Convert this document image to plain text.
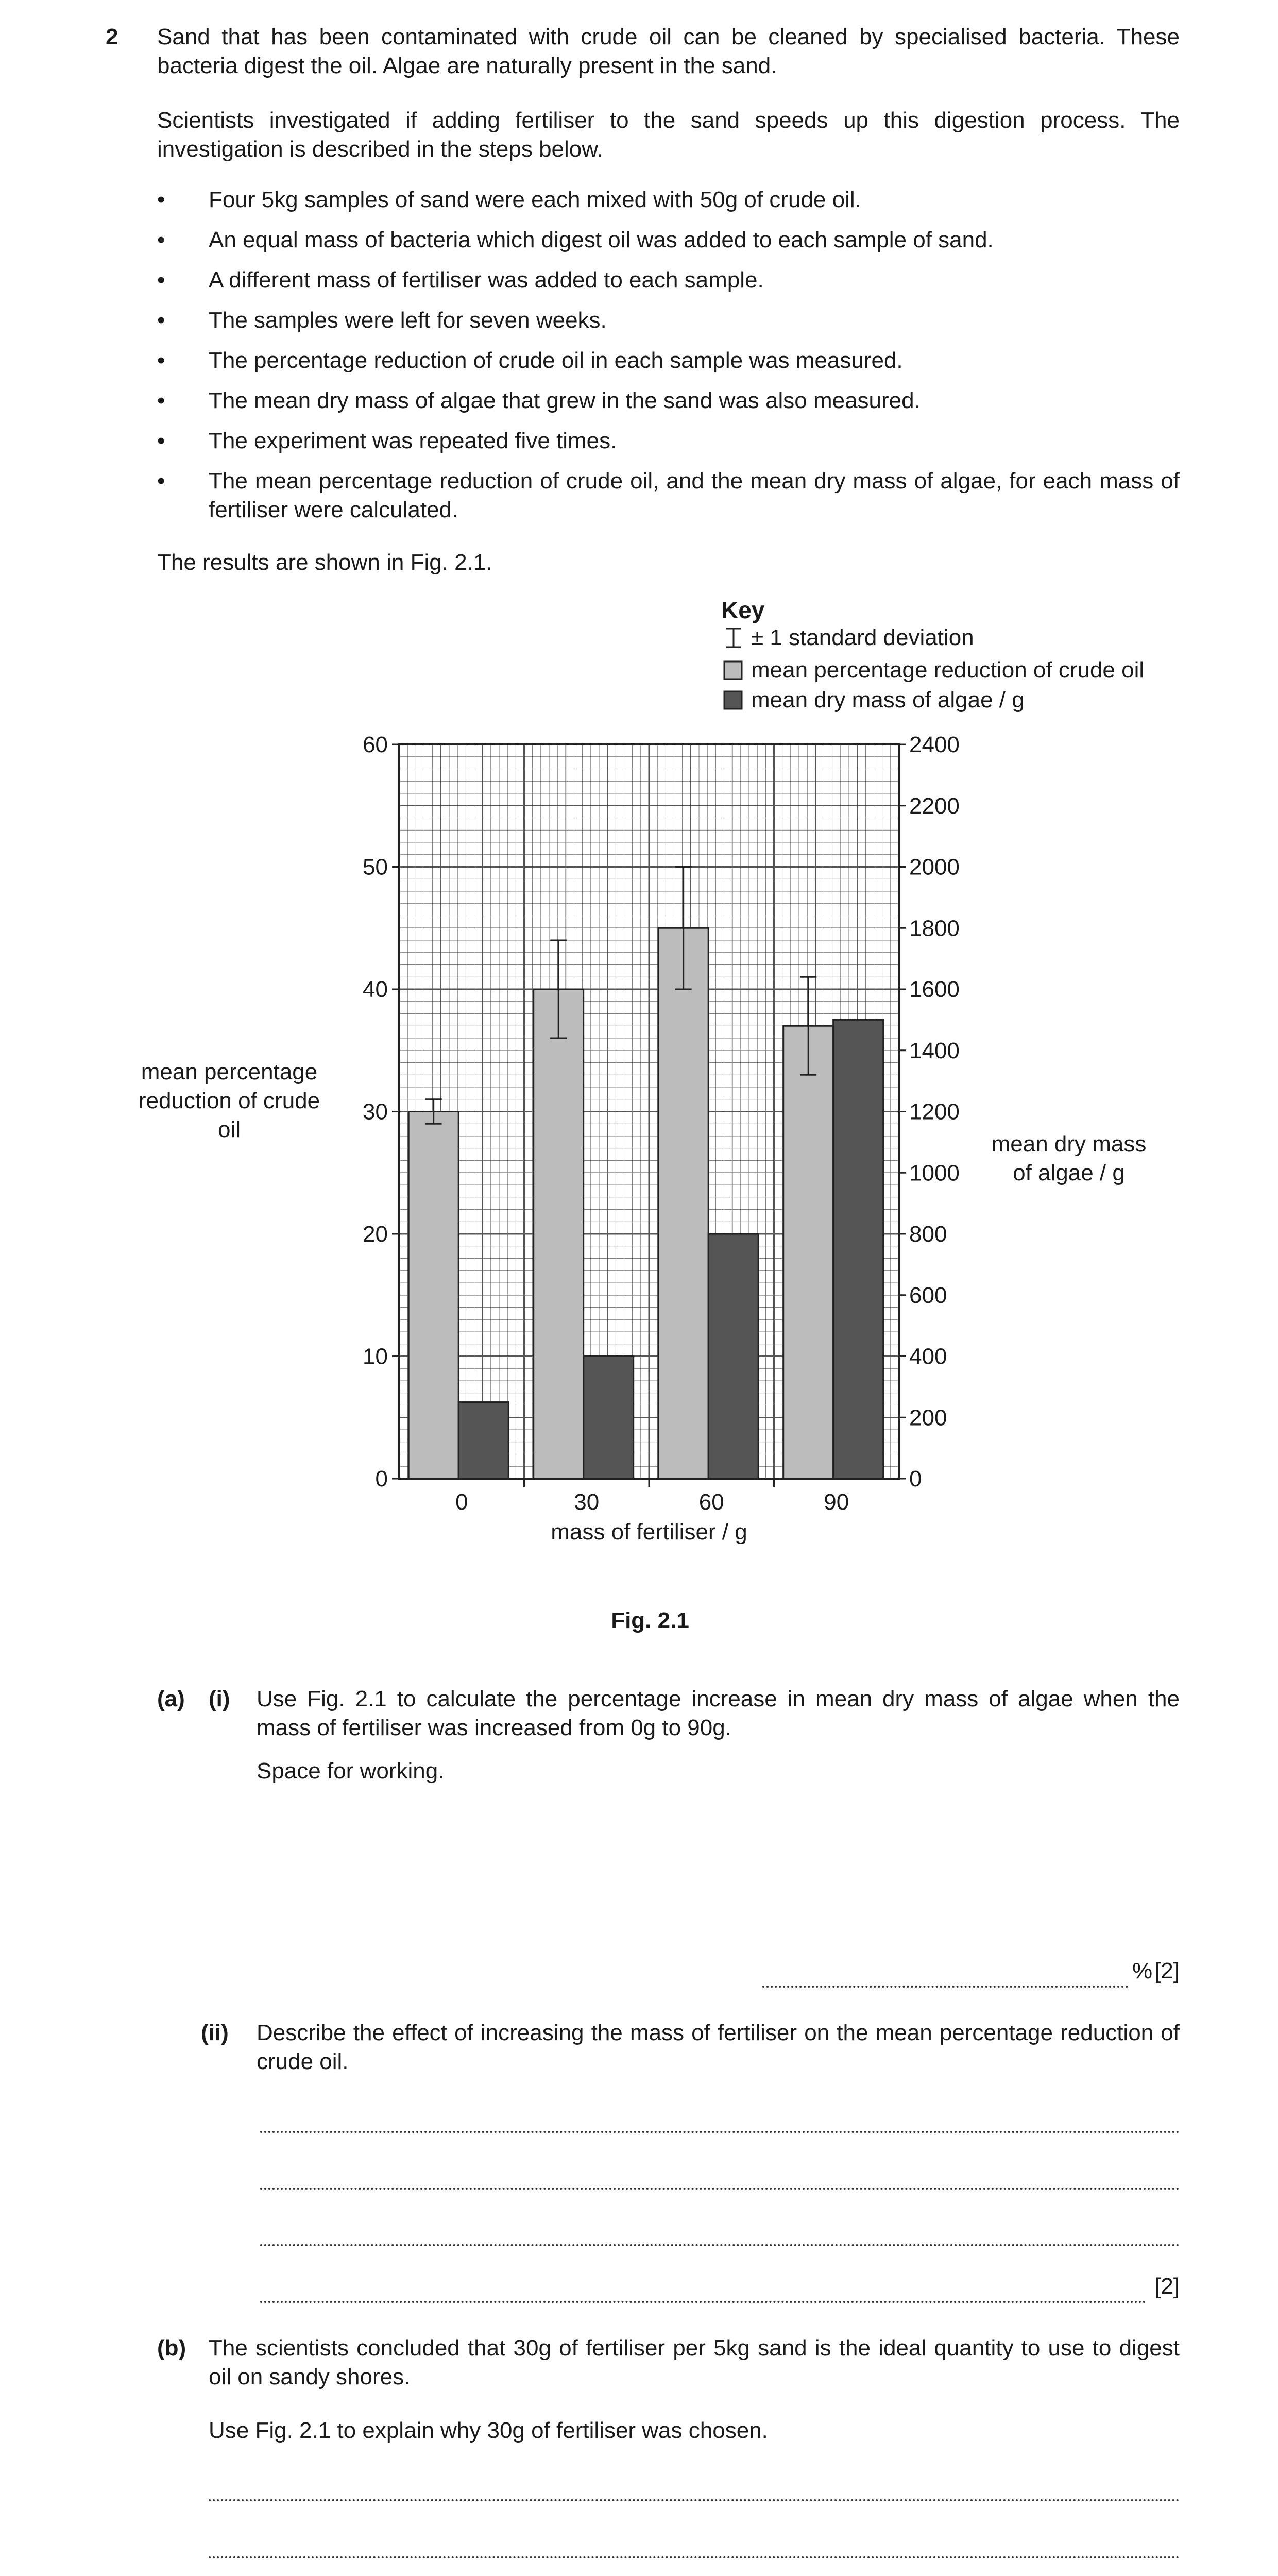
2 Sand that has been contaminated with crude oil can be cleaned by specialised bacteria. These bacteria digest the oil. Algae are naturally present in the sand.
Scientists investigated if adding fertiliser to the sand speeds up this digestion process. The investigation is described in the steps below.
• Four 5kg samples of sand were each mixed with 50g of crude oil.
• An equal mass of bacteria which digest oil was added to each sample of sand.
• A different mass of fertiliser was added to each sample.
• The samples were left for seven weeks.
• The percentage reduction of crude oil in each sample was measured.
• The mean dry mass of algae that grew in the sand was also measured.
• The experiment was repeated five times.
• The mean percentage reduction of crude oil, and the mean dry mass of algae, for each mass of fertiliser were calculated.
The results are shown in Fig. 2.1.
0
10
20
30
40
50
60
0
200
400
600
800
1000
1200
1400
1600
1800
2000
2200
2400
0	30	60	90
mass of fertiliser / g
mean percentage
reduction of crude
oil
mean dry mass
of algae / g
Key
± 1 standard deviation
mean percentage reduction of crude oil
mean dry mass of algae / g
Fig. 2.1
(a) (i) Use Fig. 2.1 to calculate the percentage increase in mean dry mass of algae when the mass of fertiliser was increased from 0g to 90g.
Space for working.
% [2]
(ii) Describe the effect of increasing the mass of fertiliser on the mean percentage reduction of crude oil.
[2]
(b) The scientists concluded that 30g of fertiliser per 5kg sand is the ideal quantity to use to digest oil on sandy shores.
Use Fig. 2.1 to explain why 30g of fertiliser was chosen.
